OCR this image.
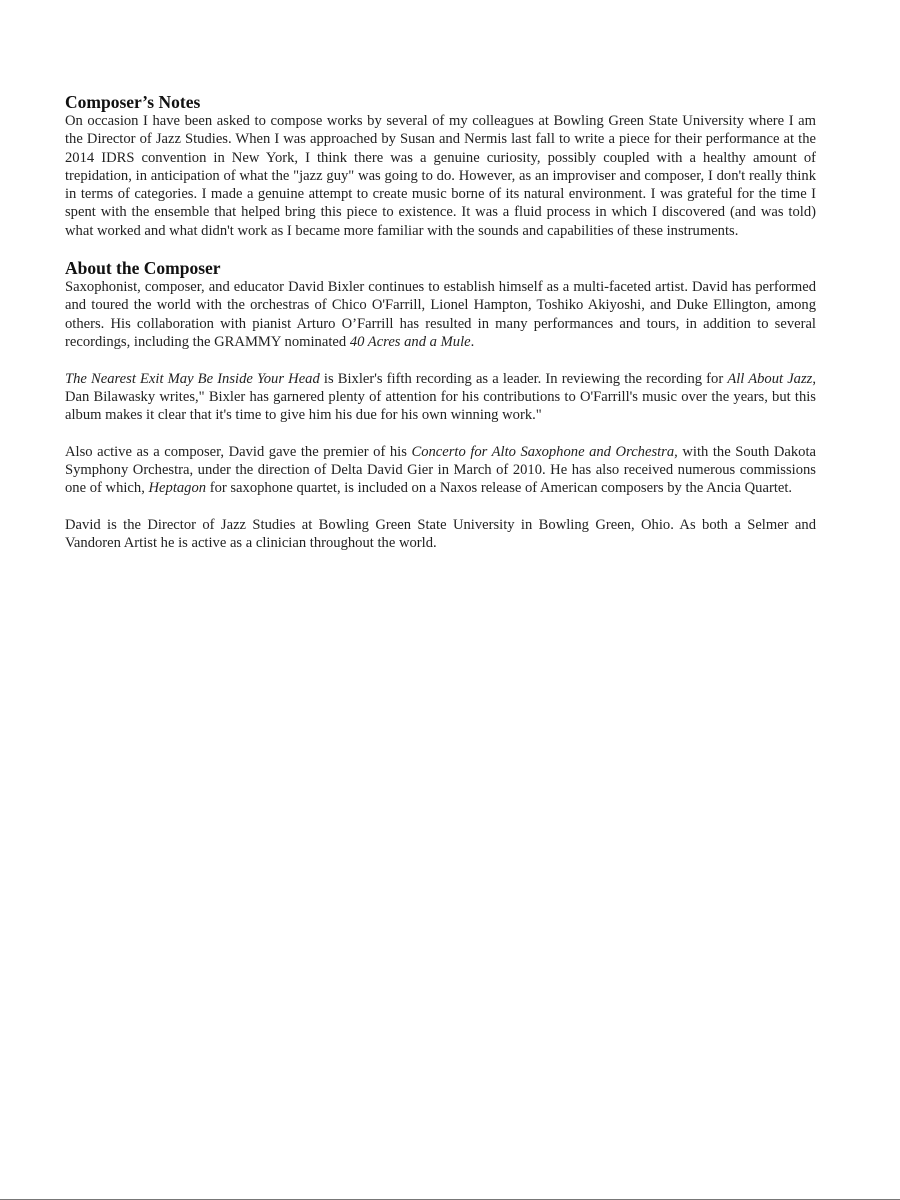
Composer’s Notes

On occasion I have been asked to compose works by several of my colleagues at Bowling Green State University where I am the Director of Jazz Studies. When I was approached by Susan and Nermis last fall to write a piece for their performance at the 2014 IDRS convention in New York, I think there was a genuine curiosity, possibly coupled with a healthy amount of trepidation, in anticipation of what the "jazz guy" was going to do. However, as an improviser and composer, I don't really think in terms of categories. I made a genuine attempt to create music borne of its natural environment. I was grateful for the time I spent with the ensemble that helped bring this piece to existence. It was a fluid process in which I discovered (and was told) what worked and what didn't work as I became more familiar with the sounds and capabilities of these instruments.

About the Composer

Saxophonist, composer, and educator David Bixler continues to establish himself as a multi-faceted artist. David has performed and toured the world with the orchestras of Chico O'Farrill, Lionel Hampton, Toshiko Akiyoshi, and Duke Ellington, among others. His collaboration with pianist Arturo O’Farrill has resulted in many performances and tours, in addition to several recordings, including the GRAMMY nominated 40 Acres and a Mule.

The Nearest Exit May Be Inside Your Head is Bixler's fifth recording as a leader. In reviewing the recording for All About Jazz, Dan Bilawasky writes," Bixler has garnered plenty of attention for his contributions to O'Farrill's music over the years, but this album makes it clear that it's time to give him his due for his own winning work."

Also active as a composer, David gave the premier of his Concerto for Alto Saxophone and Orchestra, with the South Dakota Symphony Orchestra, under the direction of Delta David Gier in March of 2010. He has also received numerous commissions one of which, Heptagon for saxophone quartet, is included on a Naxos release of American composers by the Ancia Quartet.

David is the Director of Jazz Studies at Bowling Green State University in Bowling Green, Ohio. As both a Selmer and Vandoren Artist he is active as a clinician throughout the world.
